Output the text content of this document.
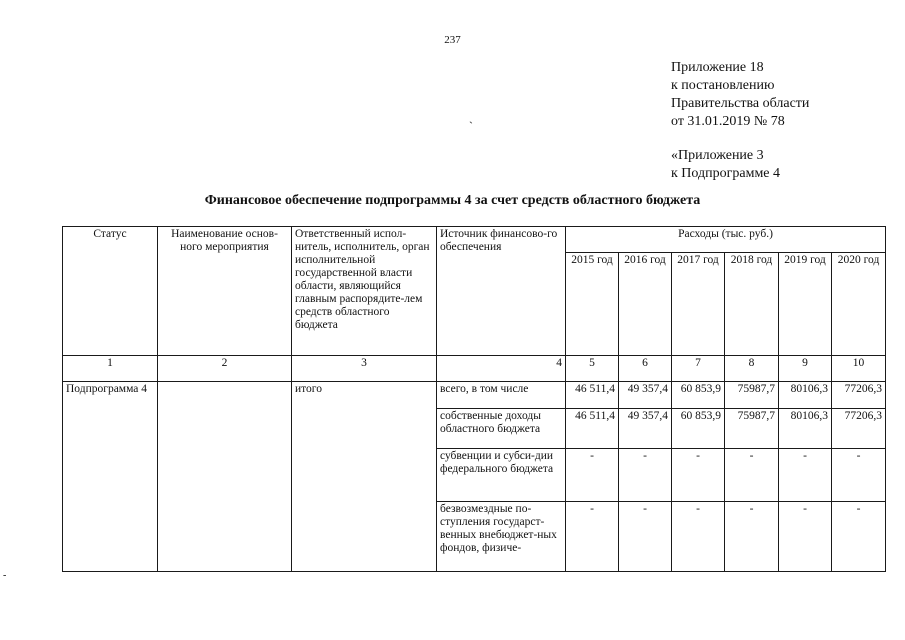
237
Приложение 18
к постановлению
Правительства области
от 31.01.2019 № 78
`
«Приложение 3
к Подпрограмме 4
Финансовое обеспечение подпрограммы 4 за счет средств областного бюджета
Статус	Наименование основ-ного мероприятия	Ответственный испол-нитель, исполнитель, орган исполнительной государственной власти области, являющийся главным распорядите-лем средств областного бюджета	Источник финансово-го обеспечения	Расходы (тыс. руб.)					
				2015 год	2016 год	2017 год	2018 год	2019 год	2020 год
1	2	3	4	5	6	7	8	9	10
Подпрограмма 4		итого	всего, в том числе	46 511,4	49 357,4	60 853,9	75987,7	80106,3	77206,3
			собственные доходы областного бюджета	46 511,4	49 357,4	60 853,9	75987,7	80106,3	77206,3
			субвенции и субси-дии федерального бюджета	-	-	-	-	-	-
			безвозмездные по-ступления государст-венных внебюджет-ных фондов, физиче-	-	-	-	-	-	-
-
